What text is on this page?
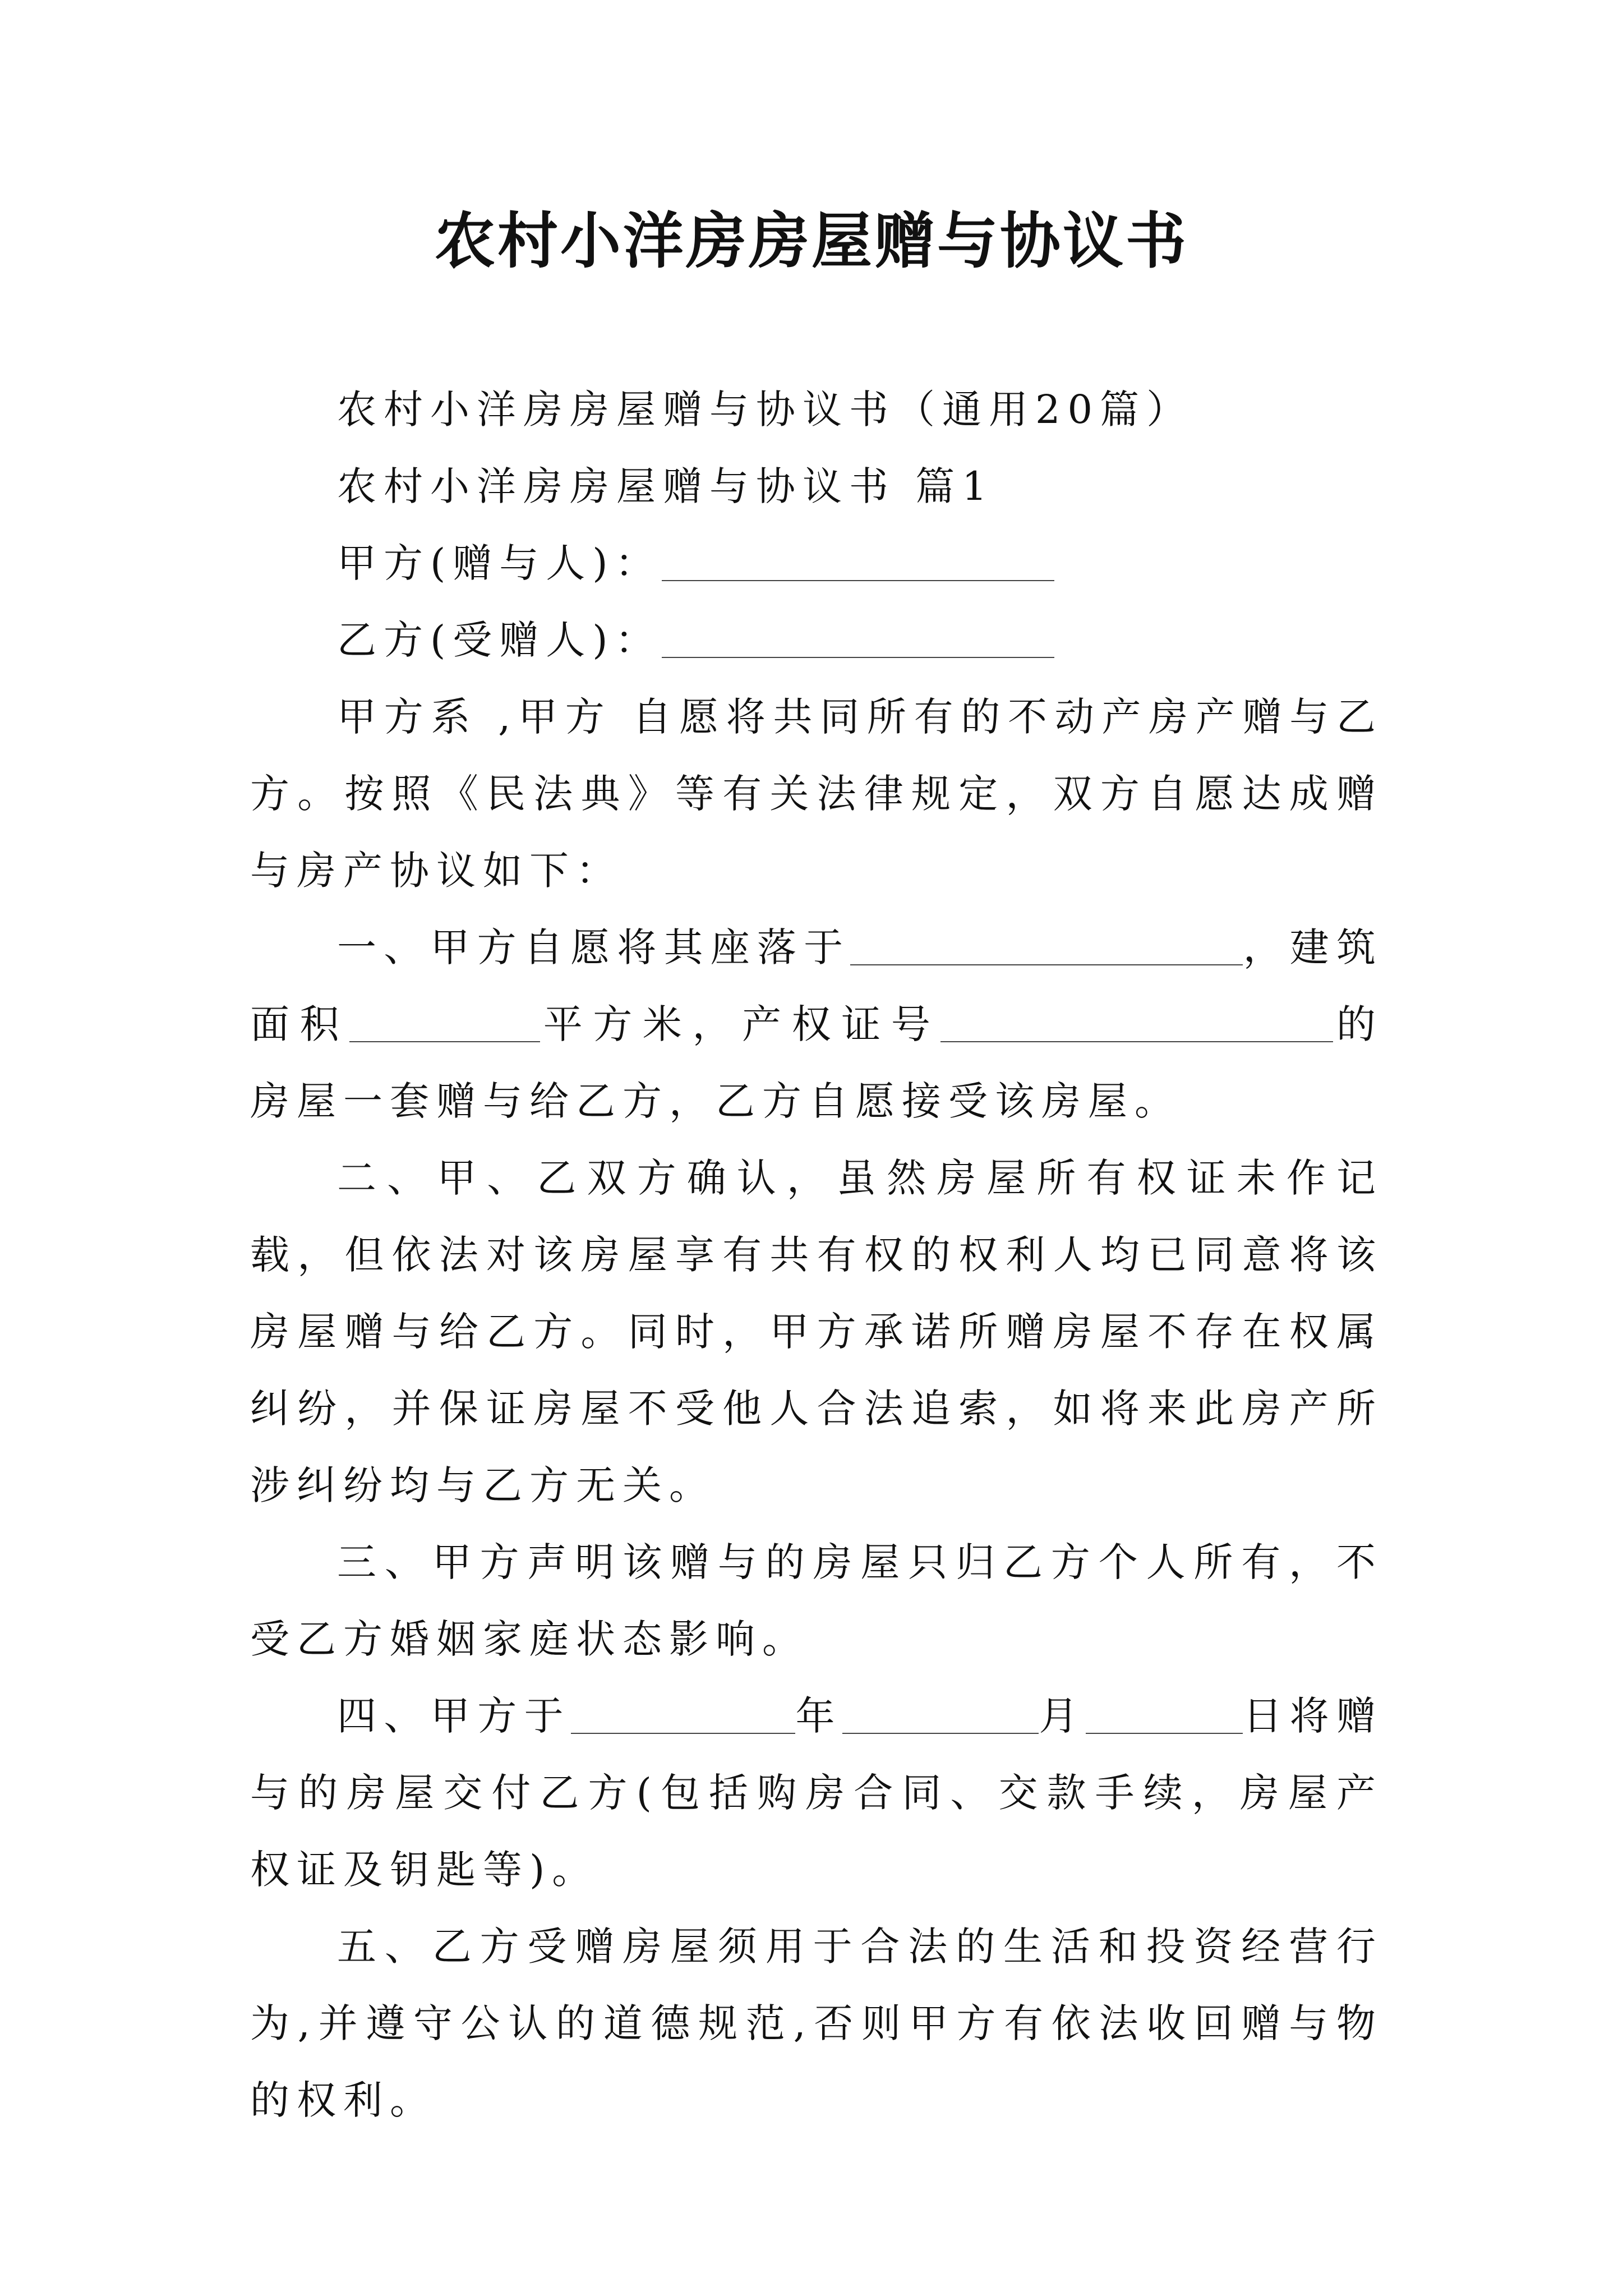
农村小洋房房屋赠与协议书

农村小洋房房屋赠与协议书（通用20篇）

农村小洋房房屋赠与协议书 篇1

甲方(赠与人)：

乙方(受赠人)：

甲方系 ,甲方 自愿将共同所有的不动产房产赠与乙方。按照《民法典》等有关法律规定，双方自愿达成赠与房产协议如下：

一、甲方自愿将其座落于	，建筑面积	平方米，产权证号	的房屋一套赠与给乙方，乙方自愿接受该房屋。

二、甲、乙双方确认，虽然房屋所有权证未作记载，但依法对该房屋享有共有权的权利人均已同意将该房屋赠与给乙方。同时，甲方承诺所赠房屋不存在权属纠纷，并保证房屋不受他人合法追索，如将来此房产所涉纠纷均与乙方无关。

三、甲方声明该赠与的房屋只归乙方个人所有，不受乙方婚姻家庭状态影响。

四、甲方于	年	月	日将赠与的房屋交付乙方(包括购房合同、交款手续，房屋产权证及钥匙等)。

五、乙方受赠房屋须用于合法的生活和投资经营行为,并遵守公认的道德规范,否则甲方有依法收回赠与物的权利。
